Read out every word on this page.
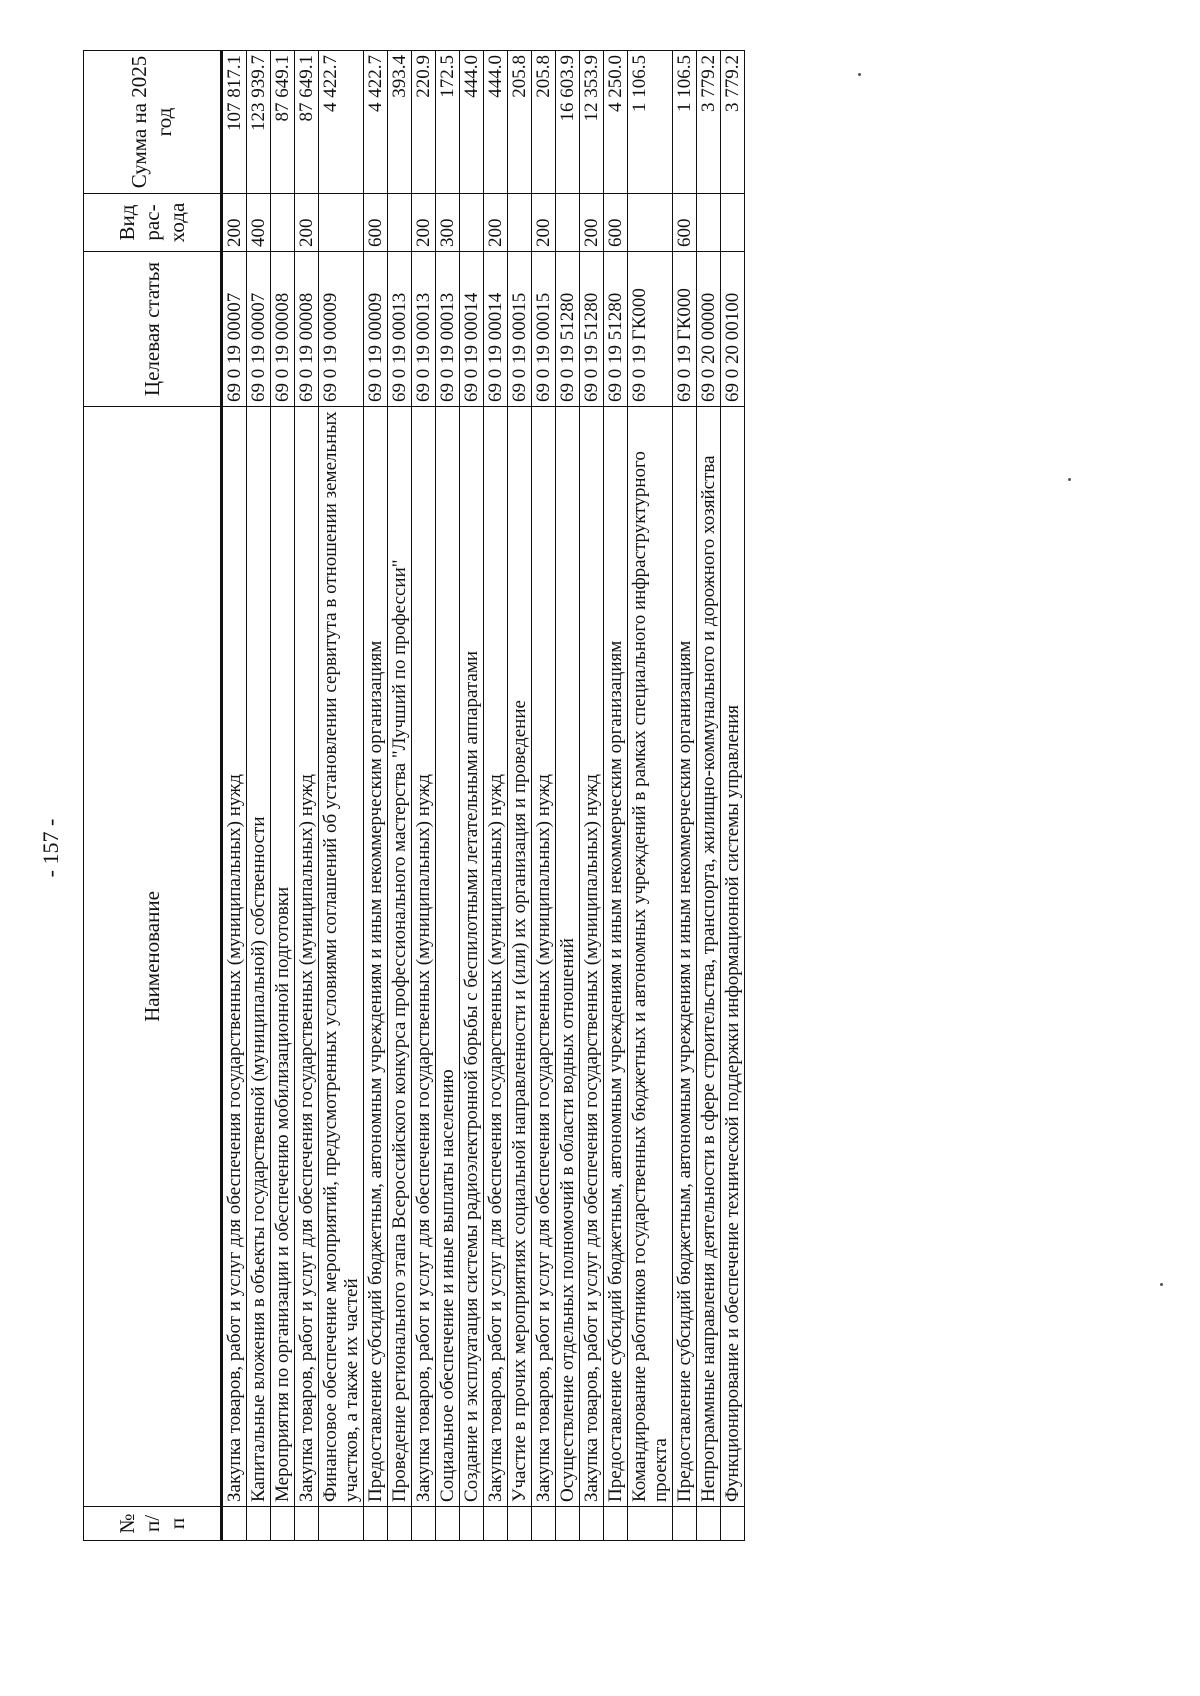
- 157 -
№ п/п	Наименование	Целевая статья	Вид рас-хода	Сумма на 2025 год
	Закупка товаров, работ и услуг для обеспечения государственных (муниципальных) нужд	69 0 19 00007	200	107 817.1
	Капитальные вложения в объекты государственной (муниципальной) собственности	69 0 19 00007	400	123 939.7
	Мероприятия по организации и обеспечению мобилизационной подготовки	69 0 19 00008		87 649.1
	Закупка товаров, работ и услуг для обеспечения государственных (муниципальных) нужд	69 0 19 00008	200	87 649.1
	Финансовое обеспечение мероприятий, предусмотренных условиями соглашений об установлении сервитута в отношении земельных участков, а также их частей	69 0 19 00009		4 422.7
	Предоставление субсидий бюджетным, автономным учреждениям и иным некоммерческим организациям	69 0 19 00009	600	4 422.7
	Проведение регионального этапа Всероссийского конкурса профессионального мастерства "Лучший по профессии"	69 0 19 00013		393.4
	Закупка товаров, работ и услуг для обеспечения государственных (муниципальных) нужд	69 0 19 00013	200	220.9
	Социальное обеспечение и иные выплаты населению	69 0 19 00013	300	172.5
	Создание и эксплуатация системы радиоэлектронной борьбы с беспилотными летательными аппаратами	69 0 19 00014		444.0
	Закупка товаров, работ и услуг для обеспечения государственных (муниципальных) нужд	69 0 19 00014	200	444.0
	Участие в прочих мероприятиях социальной направленности и (или) их организация и проведение	69 0 19 00015		205.8
	Закупка товаров, работ и услуг для обеспечения государственных (муниципальных) нужд	69 0 19 00015	200	205.8
	Осуществление отдельных полномочий в области водных отношений	69 0 19 51280		16 603.9
	Закупка товаров, работ и услуг для обеспечения государственных (муниципальных) нужд	69 0 19 51280	200	12 353.9
	Предоставление субсидий бюджетным, автономным учреждениям и иным некоммерческим организациям	69 0 19 51280	600	4 250.0
	Командирование работников государственных бюджетных и автономных учреждений в рамках специального инфраструктурного проекта	69 0 19 ГК000		1 106.5
	Предоставление субсидий бюджетным, автономным учреждениям и иным некоммерческим организациям	69 0 19 ГК000	600	1 106.5
	Непрограммные направления деятельности в сфере строительства, транспорта, жилищно-коммунального и дорожного хозяйства	69 0 20 00000		3 779.2
	Функционирование и обеспечение технической поддержки информационной системы управления	69 0 20 00100		3 779.2
